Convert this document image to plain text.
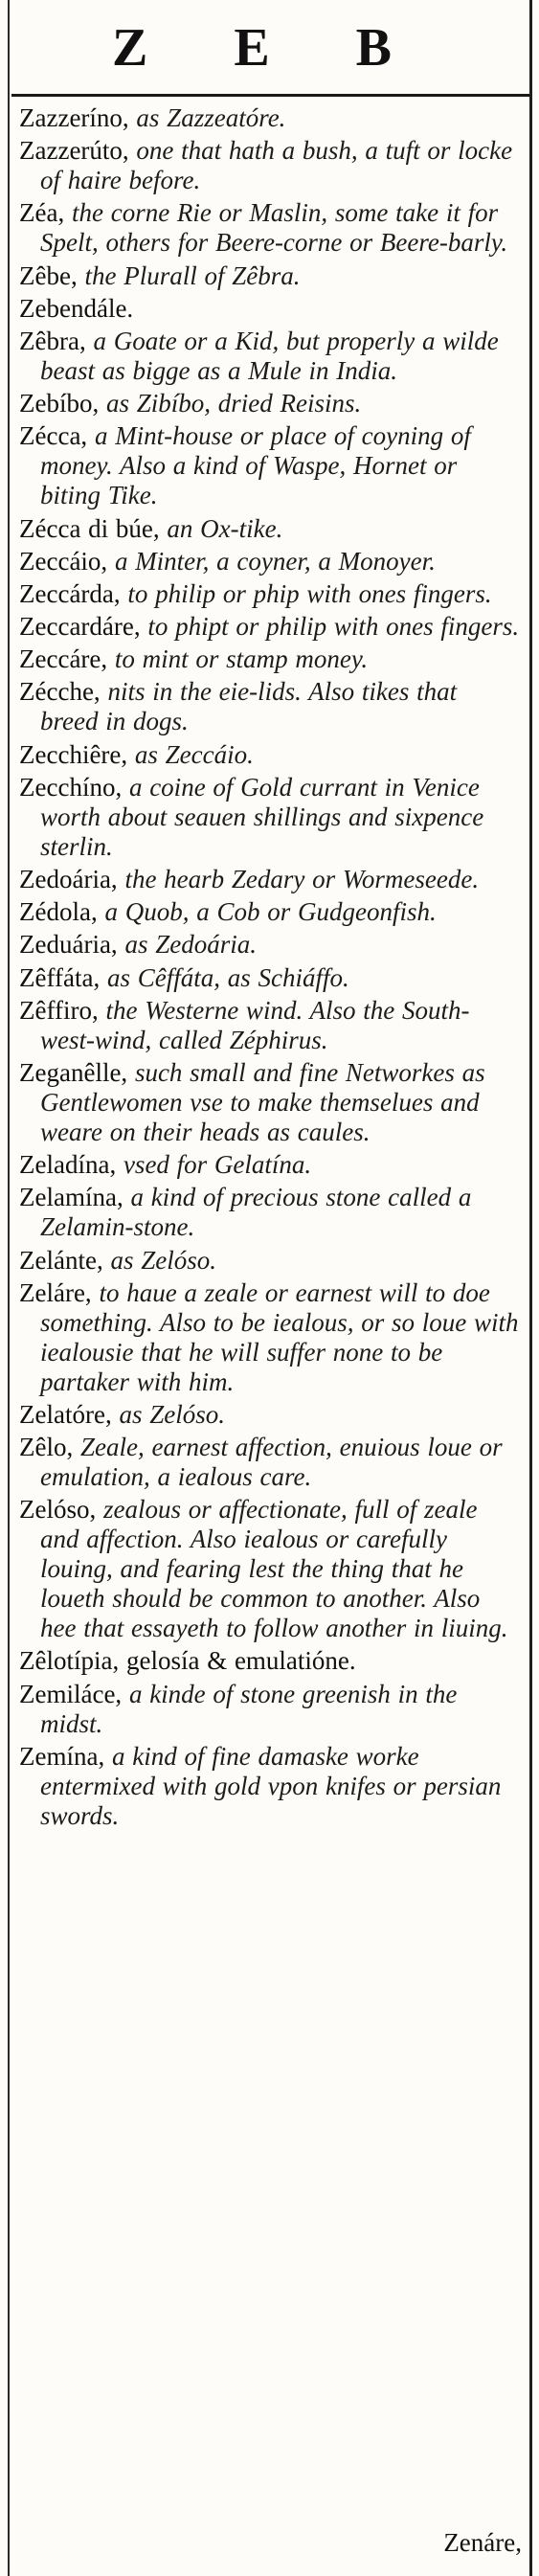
Z E B

Zazzeríno, as Zazzeatóre.

Zazzerúto, one that hath a bush, a tuft or locke of haire before.

Zéa, the corne Rie or Maslin, some take it for Spelt, others for Beere-corne or Beere-barly.

Zêbe, the Plurall of Zêbra.

Zebendále.

Zêbra, a Goate or a Kid, but properly a wilde beast as bigge as a Mule in India.

Zebíbo, as Zibíbo, dried Reisins.

Zécca, a Mint-house or place of coyning of money. Also a kind of Waspe, Hornet or biting Tike.

Zécca di búe, an Ox-tike.

Zeccáio, a Minter, a coyner, a Monoyer.

Zeccárda, to philip or phip with ones fingers.

Zeccardáre, to phipt or philip with ones fingers.

Zeccáre, to mint or stamp money.

Zécche, nits in the eie-lids. Also tikes that breed in dogs.

Zecchiêre, as Zeccáio.

Zecchíno, a coine of Gold currant in Venice worth about seauen shillings and sixpence sterlin.

Zedoária, the hearb Zedary or Wormeseede.

Zédola, a Quob, a Cob or Gudgeonfish.

Zeduária, as Zedoária.

Zêffáta, as Cêffáta, as Schiáffo.

Zêffiro, the Westerne wind. Also the South-west-wind, called Zéphirus.

Zeganêlle, such small and fine Networkes as Gentlewomen vse to make themselues and weare on their heads as caules.

Zeladína, vsed for Gelatína.

Zelamína, a kind of precious stone called a Zelamin-stone.

Zelánte, as Zelóso.

Zeláre, to haue a zeale or earnest will to doe something. Also to be iealous, or so loue with iealousie that he will suffer none to be partaker with him.

Zelatóre, as Zelóso.

Zêlo, Zeale, earnest affection, enuious loue or emulation, a iealous care.

Zelóso, zealous or affectionate, full of zeale and affection. Also iealous or carefully louing, and fearing lest the thing that he loueth should be common to another. Also hee that essayeth to follow another in liuing.

Zêlotípia, gelosía & emulatióne.

Zemiláce, a kinde of stone greenish in the midst.

Zemína, a kind of fine damaske worke entermixed with gold vpon knifes or persian swords.

Zenáre,
